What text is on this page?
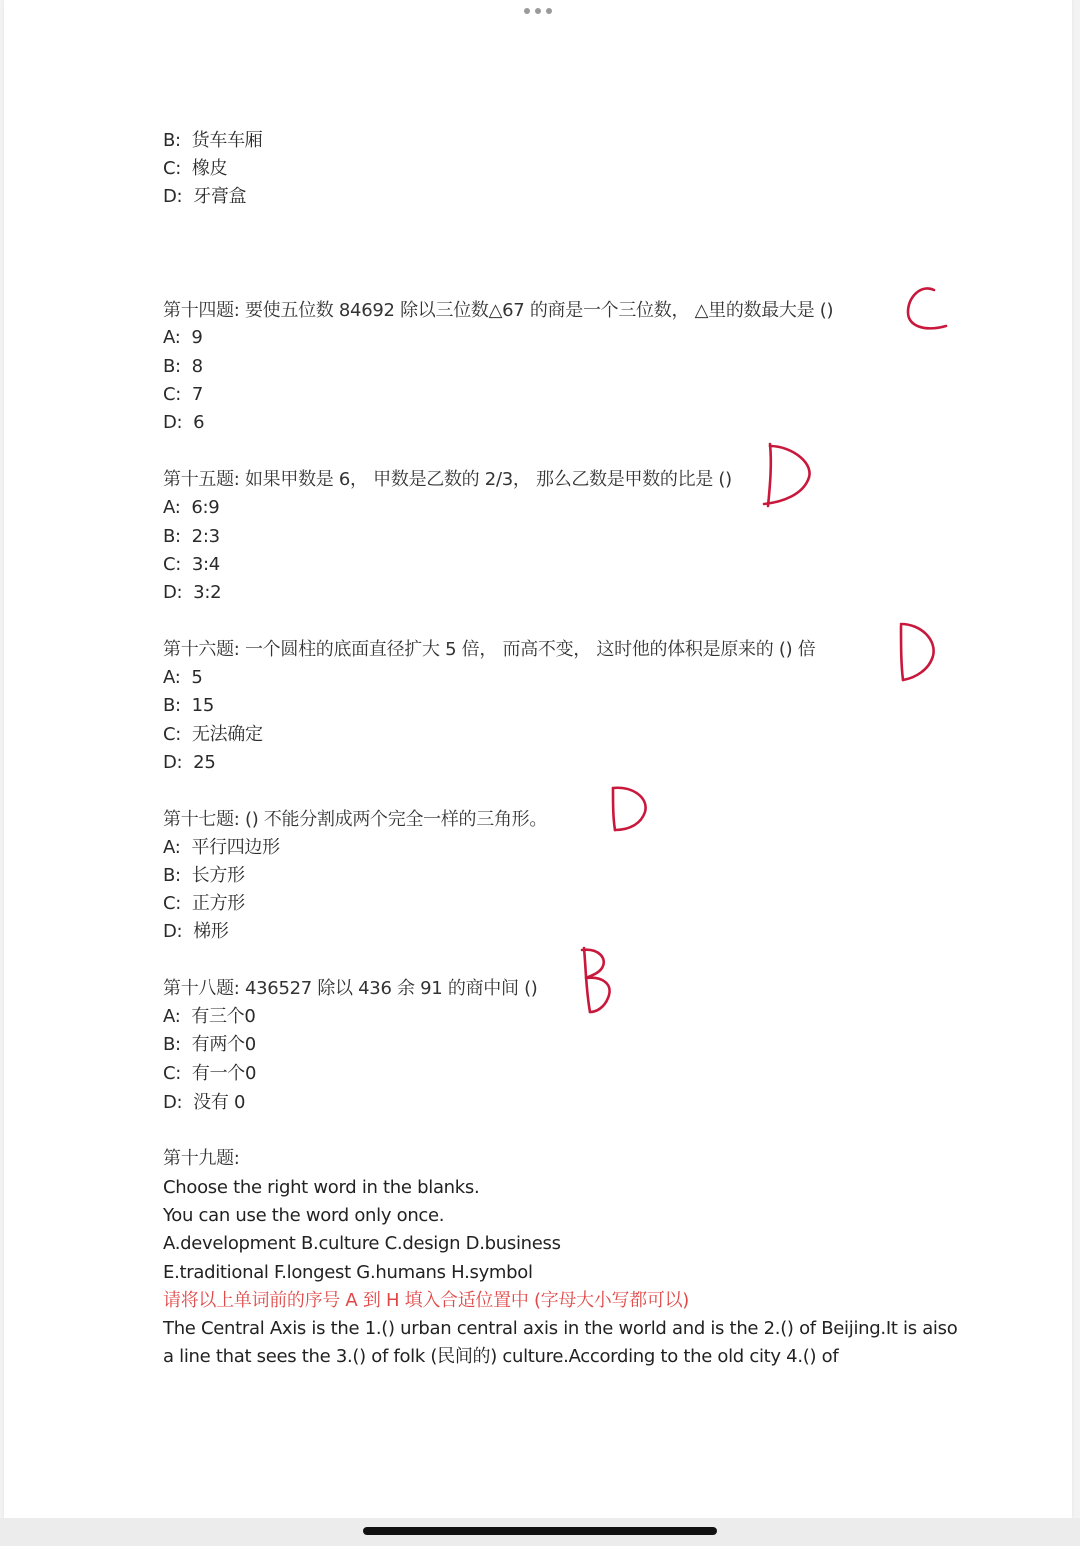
B: 货车车厢
C: 橡皮
D: 牙膏盒
第十四题: 要使五位数 84692 除以三位数△67 的商是一个三位数， △里的数最大是 ()
A: 9
B: 8
C: 7
D: 6
第十五题: 如果甲数是 6， 甲数是乙数的 2/3， 那么乙数是甲数的比是 ()
A: 6:9
B: 2:3
C: 3:4
D: 3:2
第十六题: 一个圆柱的底面直径扩大 5 倍， 而高不变， 这时他的体积是原来的 () 倍
A: 5
B: 15
C: 无法确定
D: 25
第十七题: () 不能分割成两个完全一样的三角形。
A: 平行四边形
B: 长方形
C: 正方形
D: 梯形
第十八题: 436527 除以 436 余 91 的商中间 ()
A: 有三个0
B: 有两个0
C: 有一个0
D: 没有 0
第十九题:
Choose the right word in the blanks.
You can use the word only once.
A.development B.culture C.design D.business
E.traditional F.longest G.humans H.symbol
请将以上单词前的序号 A 到 H 填入合适位置中 (字母大小写都可以)
The Central Axis is the 1.() urban central axis in the world and is the 2.() of Beijing.It is aiso
a line that sees the 3.() of folk (民间的) culture.According to the old city 4.() of
